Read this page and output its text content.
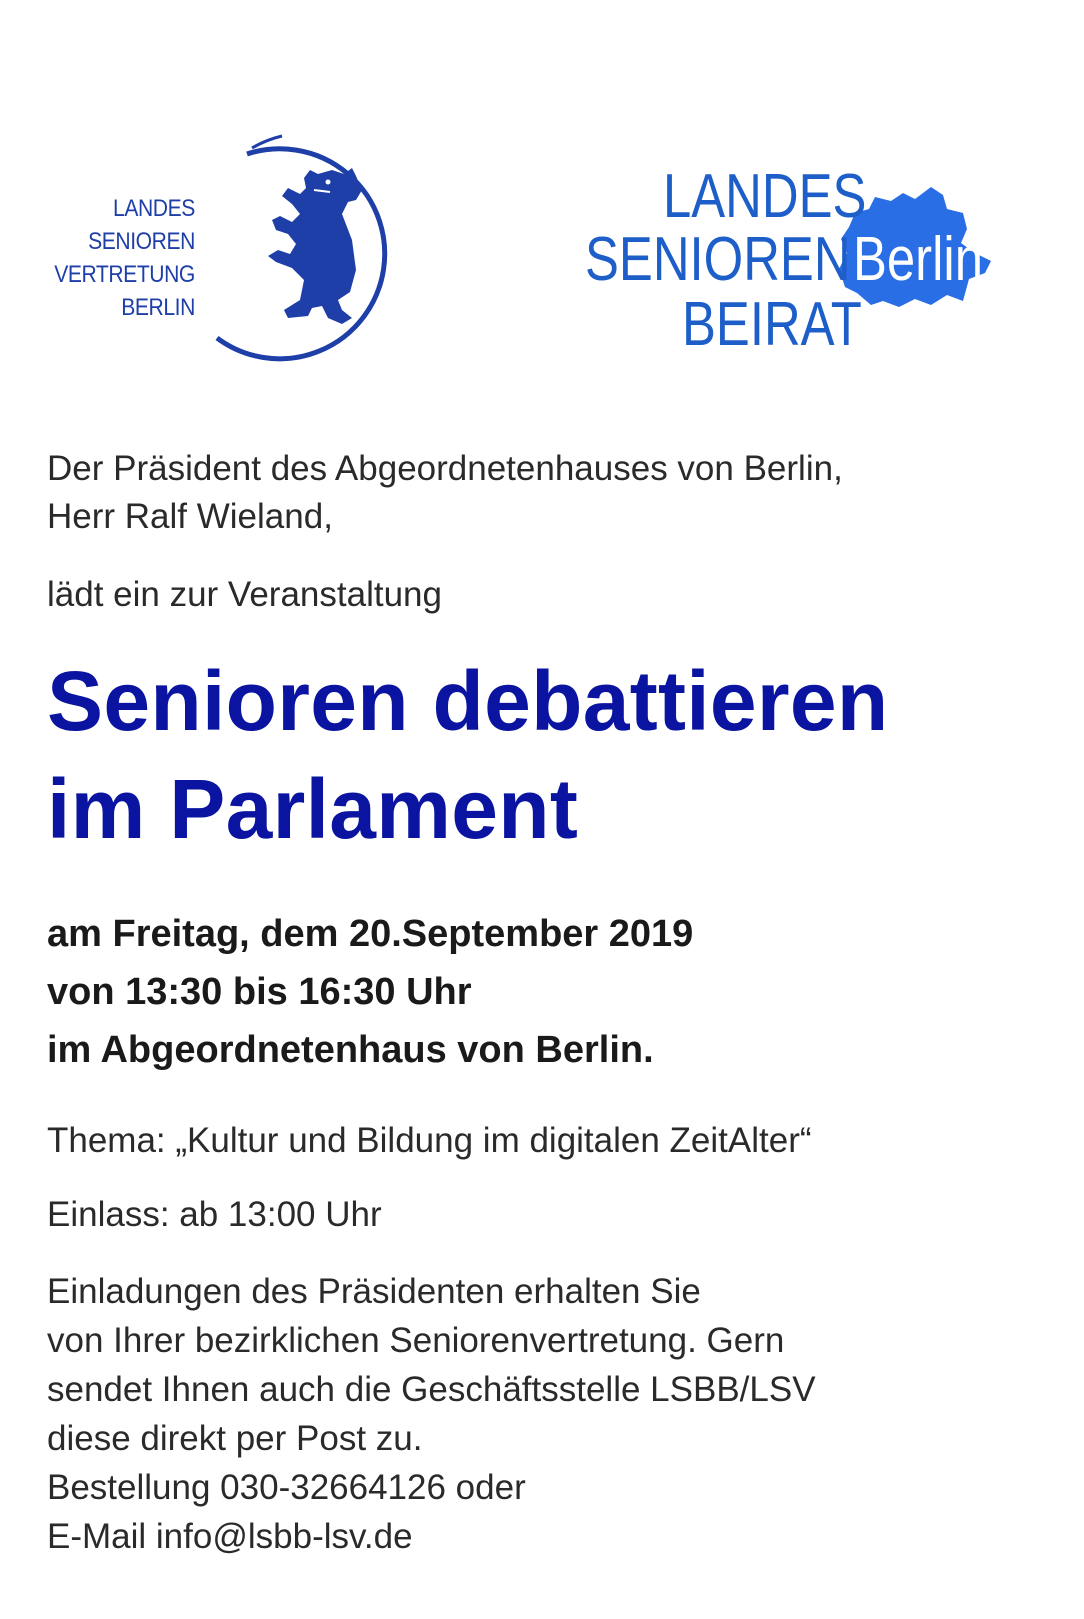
LANDES
SENIOREN
VERTRETUNG
BERLIN
LANDES
SENIOREN Berlin
BEIRAT

Der Präsident des Abgeordnetenhauses von Berlin,
Herr Ralf Wieland,

lädt ein zur Veranstaltung

Senioren debattieren
im Parlament
am Freitag, dem 20.September 2019
von 13:30 bis 16:30 Uhr
im Abgeordnetenhaus von Berlin.

Thema: „Kultur und Bildung im digitalen ZeitAlter“

Einlass: ab 13:00 Uhr

Einladungen des Präsidenten erhalten Sie
von Ihrer bezirklichen Seniorenvertretung. Gern
sendet Ihnen auch die Geschäftsstelle LSBB/LSV
diese direkt per Post zu.
Bestellung 030-32664126 oder
E-Mail info@lsbb-lsv.de
